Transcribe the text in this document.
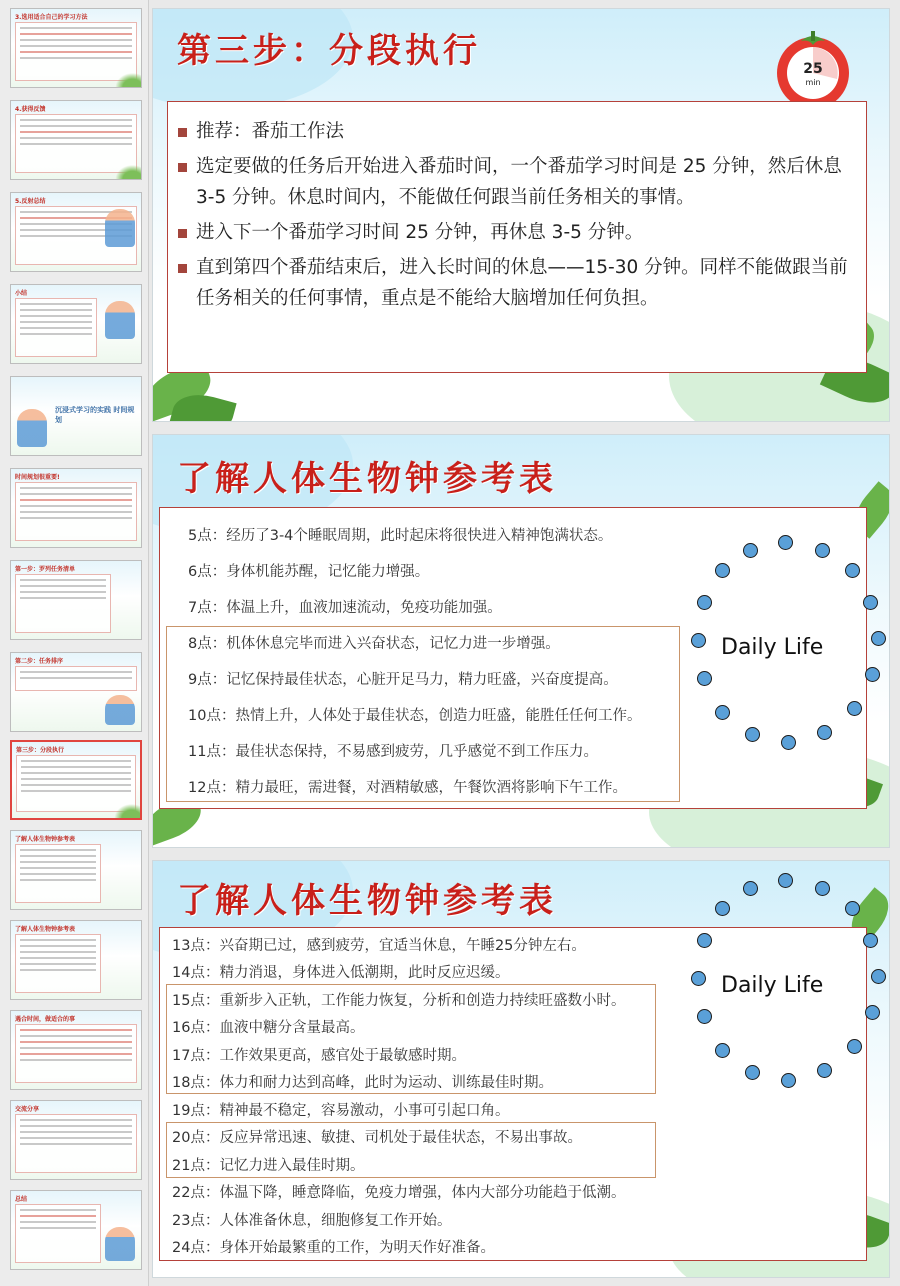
3.选用适合自己的学习方法
4.获得反馈
5.反射总结
小结
沉浸式学习的实践 时间规划
时间规划很重要!
第一步：罗列任务清单
第二步：任务排序
第三步：分段执行
了解人体生物钟参考表
了解人体生物钟参考表
遇合时间，做适合的事
交流分享
总结
第三步：分段执行	25
min
推荐：番茄工作法
选定要做的任务后开始进入番茄时间，一个番茄学习时间是 25 分钟，然后休息 3-5 分钟。休息时间内，不能做任何跟当前任务相关的事情。
进入下一个番茄学习时间 25 分钟，再休息 3-5 分钟。
直到第四个番茄结束后，进入长时间的休息——15-30 分钟。同样不能做跟当前任务相关的任何事情，重点是不能给大脑增加任何负担。
了解人体生物钟参考表
5点：经历了3-4个睡眠周期，此时起床将很快进入精神饱满状态。
6点：身体机能苏醒，记忆能力增强。
7点：体温上升，血液加速流动，免疫功能加强。
8点：机体休息完毕而进入兴奋状态，记忆力进一步增强。
9点：记忆保持最佳状态，心脏开足马力，精力旺盛，兴奋度提高。
10点：热情上升，人体处于最佳状态，创造力旺盛，能胜任任何工作。
11点：最佳状态保持，不易感到疲劳，几乎感觉不到工作压力。
12点：精力最旺，需进餐，对酒精敏感，午餐饮酒将影响下午工作。
Daily Life
了解人体生物钟参考表
13点：兴奋期已过，感到疲劳，宜适当休息，午睡25分钟左右。
14点：精力消退，身体进入低潮期，此时反应迟缓。
15点：重新步入正轨，工作能力恢复，分析和创造力持续旺盛数小时。
16点：血液中糖分含量最高。
17点：工作效果更高，感官处于最敏感时期。
18点：体力和耐力达到高峰，此时为运动、训练最佳时期。
19点：精神最不稳定，容易激动，小事可引起口角。
20点：反应异常迅速、敏捷、司机处于最佳状态，不易出事故。
21点：记忆力进入最佳时期。
22点：体温下降，睡意降临，免疫力增强，体内大部分功能趋于低潮。
23点：人体准备休息，细胞修复工作开始。
24点：身体开始最繁重的工作，为明天作好准备。
Daily Life
